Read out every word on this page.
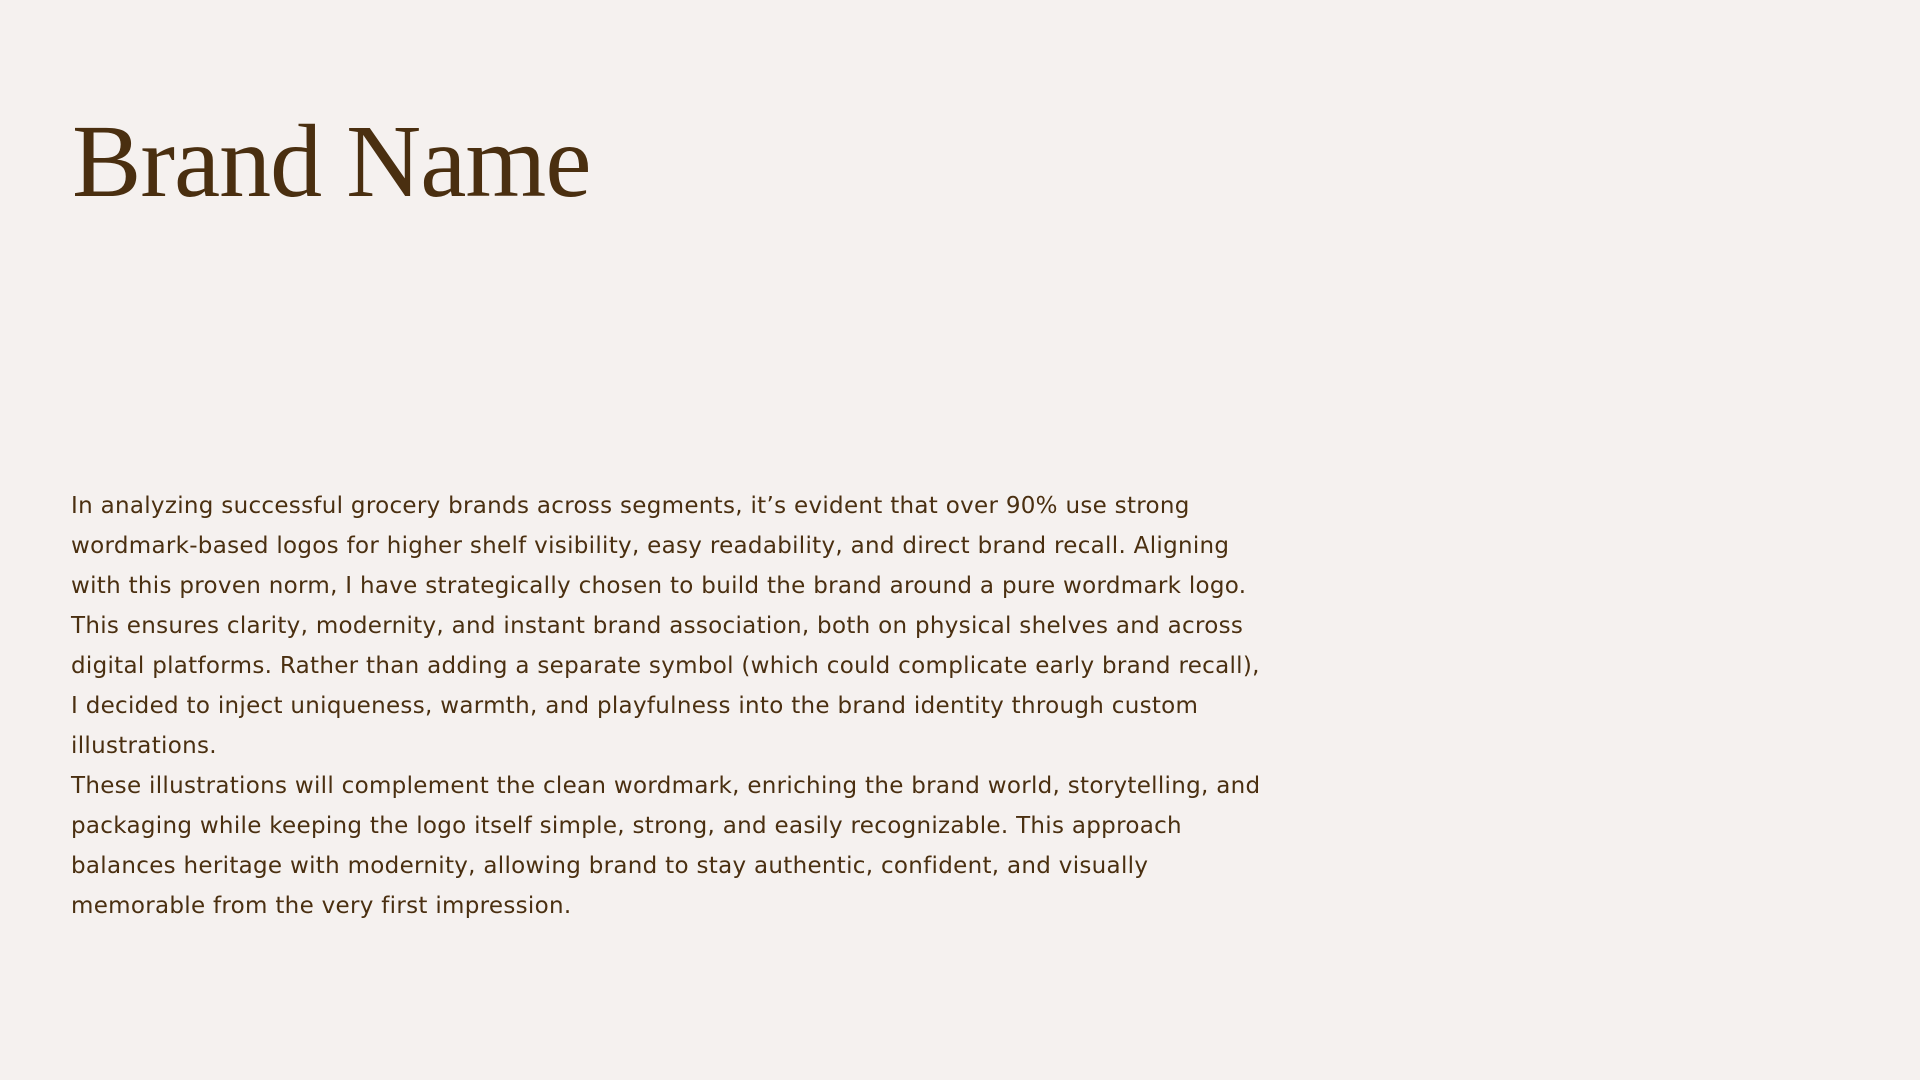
Brand Name

In analyzing successful grocery brands across segments, it’s evident that over 90% use strong wordmark-based logos for higher shelf visibility, easy readability, and direct brand recall. Aligning with this proven norm, I have strategically chosen to build the brand around a pure wordmark logo.

This ensures clarity, modernity, and instant brand association, both on physical shelves and across digital platforms. Rather than adding a separate symbol (which could complicate early brand recall), I decided to inject uniqueness, warmth, and playfulness into the brand identity through custom illustrations.

These illustrations will complement the clean wordmark, enriching the brand world, storytelling, and packaging while keeping the logo itself simple, strong, and easily recognizable. This approach balances heritage with modernity, allowing brand to stay authentic, confident, and visually memorable from the very first impression.
